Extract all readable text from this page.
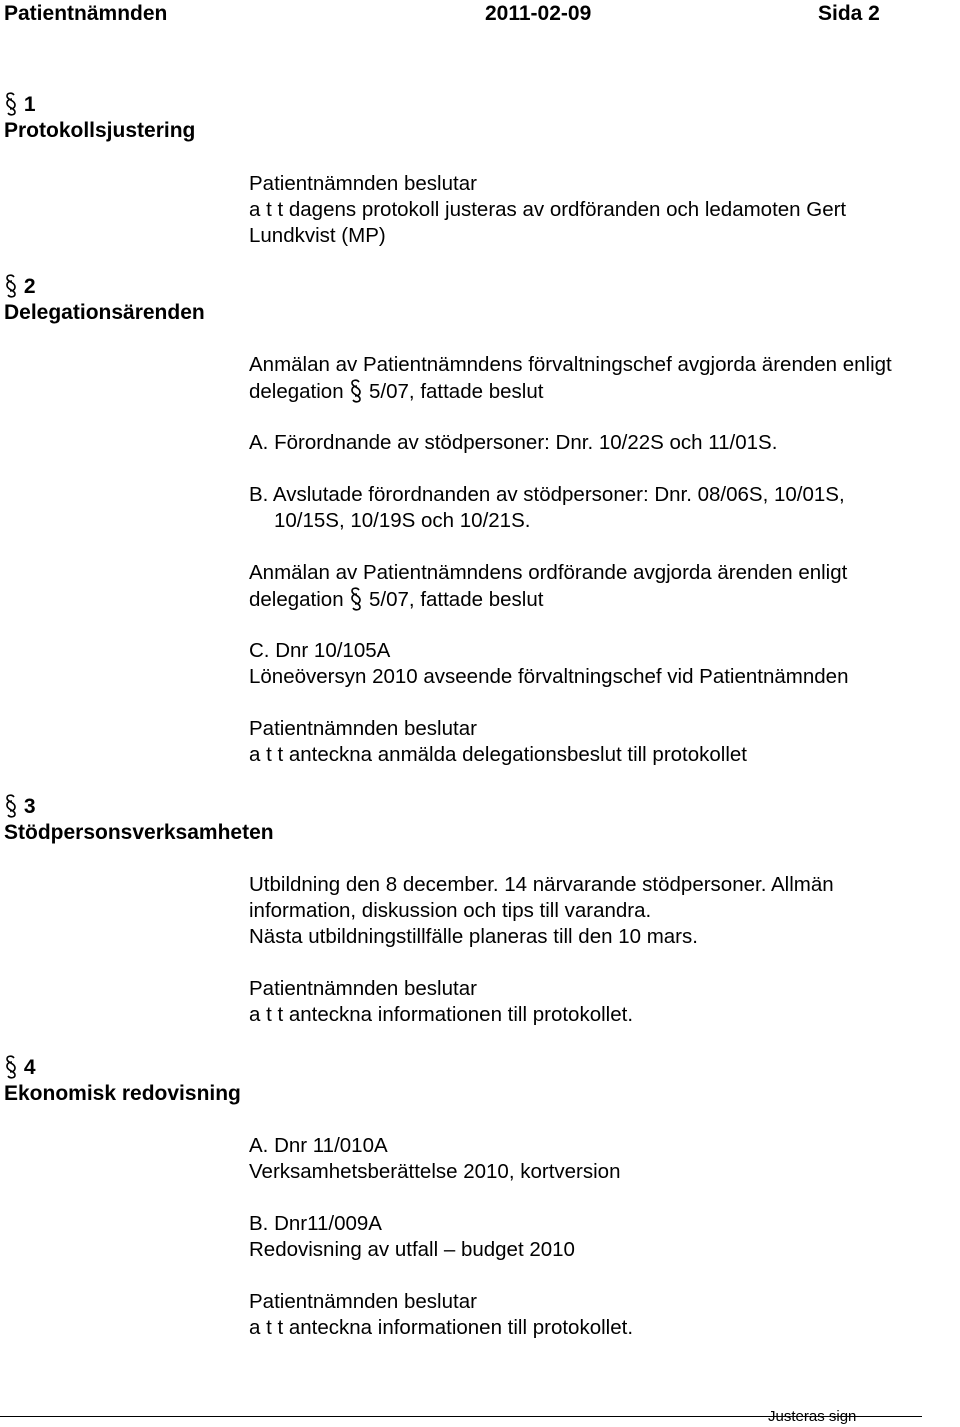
Patientnämnden	2011-02-09	Sida 2
1
Protokollsjustering
Patientnämnden beslutar
a t t dagens protokoll justeras av ordföranden och ledamoten Gert
Lundkvist (MP)
2
Delegationsärenden
Anmälan av Patientnämndens förvaltningschef avgjorda ärenden enligt
delegation 5/07, fattade beslut
A. Förordnande av stödpersoner: Dnr. 10/22S och 11/01S.
B. Avslutade förordnanden av stödpersoner: Dnr. 08/06S, 10/01S,
10/15S, 10/19S och 10/21S.
Anmälan av Patientnämndens ordförande avgjorda ärenden enligt
delegation 5/07, fattade beslut
C. Dnr 10/105A
Löneöversyn 2010 avseende förvaltningschef vid Patientnämnden
Patientnämnden beslutar
a t t anteckna anmälda delegationsbeslut till protokollet
3
Stödpersonsverksamheten
Utbildning den 8 december. 14 närvarande stödpersoner. Allmän
information, diskussion och tips till varandra.
Nästa utbildningstillfälle planeras till den 10 mars.
Patientnämnden beslutar
a t t anteckna informationen till protokollet.
4
Ekonomisk redovisning
A. Dnr 11/010A
Verksamhetsberättelse 2010, kortversion
B. Dnr11/009A
Redovisning av utfall – budget 2010
Patientnämnden beslutar
a t t anteckna informationen till protokollet.
Justeras sign
